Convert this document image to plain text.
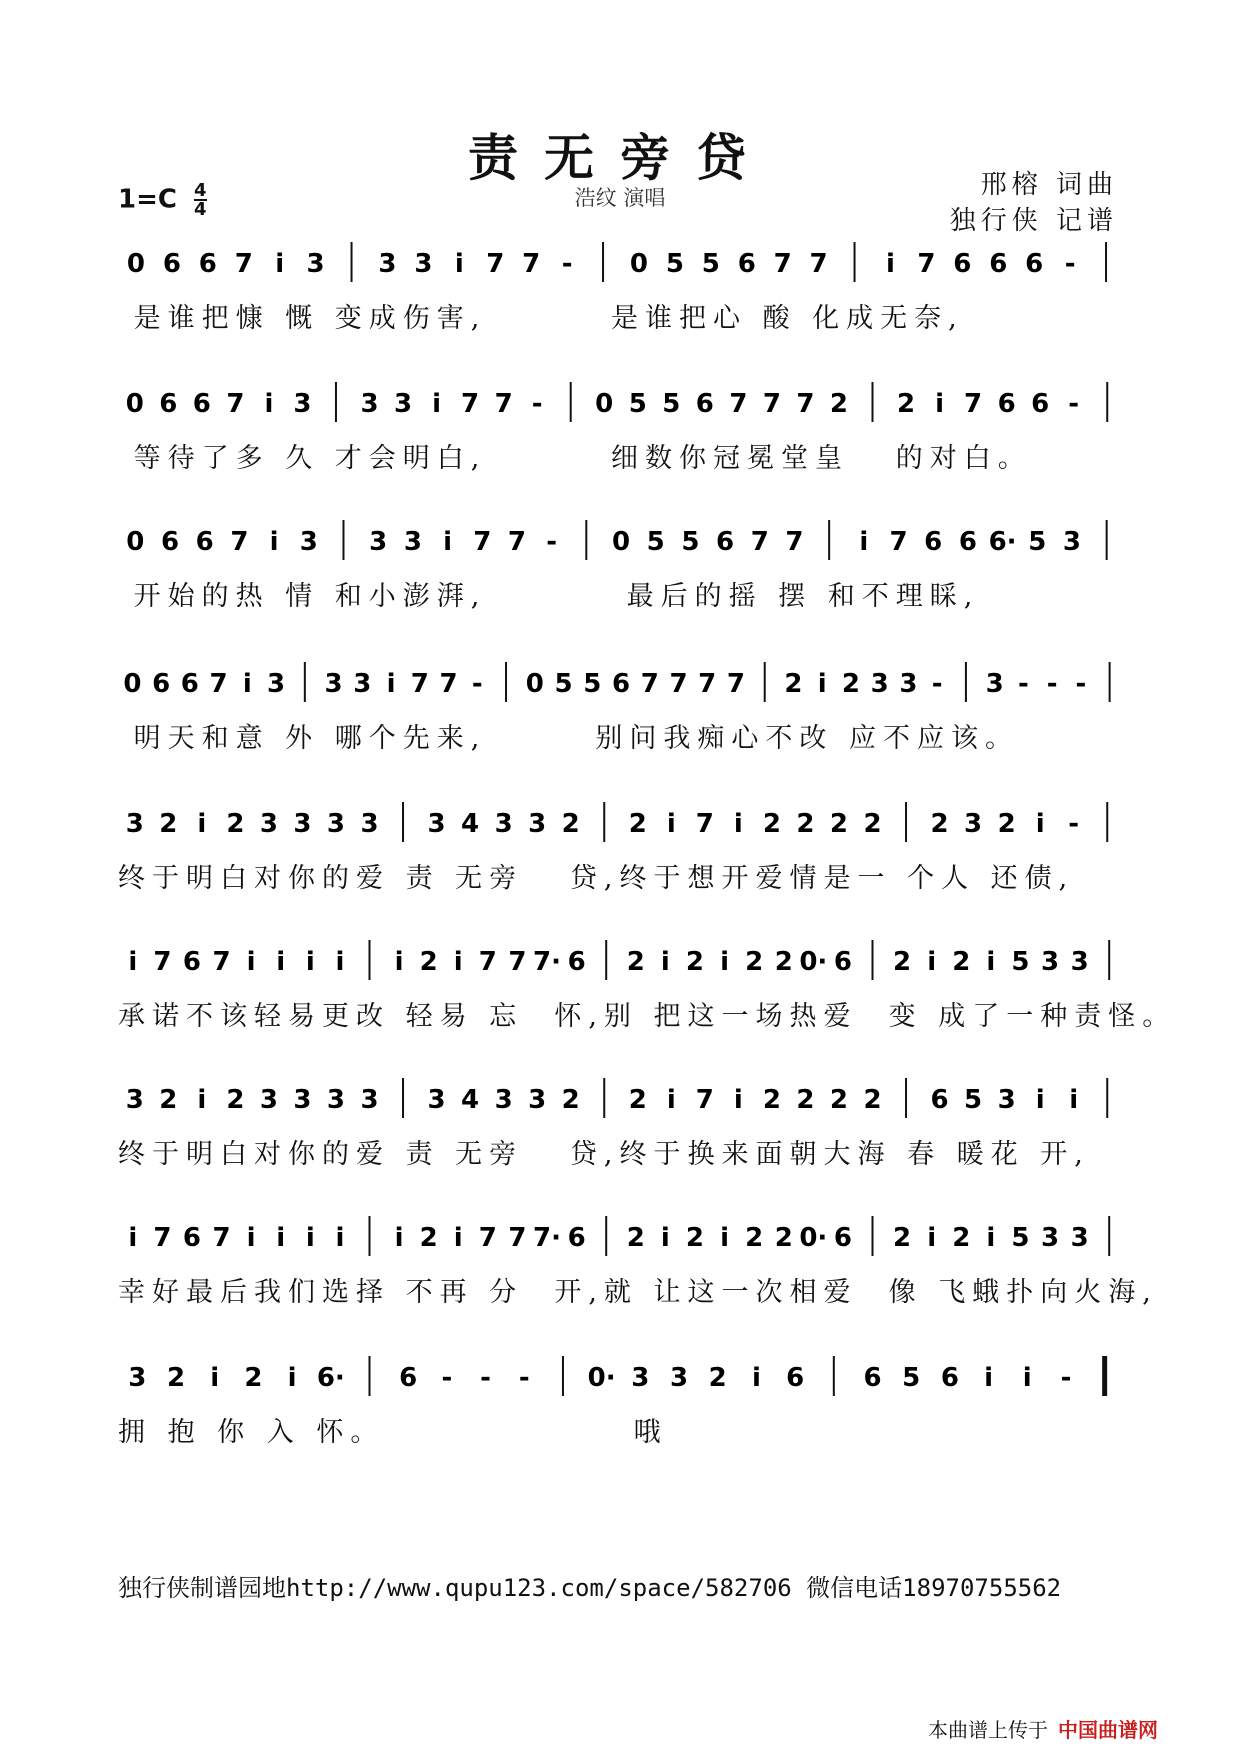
责无旁贷
浩纹 演唱
$1=C \frac{4}{4}$	邢榕 词曲
独行侠 记谱
0 6 6 7 i 3 3 3 i 7 7 - 0 5 5 6 7 7 i 7 6 6 6 -
是谁把慷 慨 变成伤害,        是谁把心 酸 化成无奈,
0 6 6 7 i 3 3 3 i 7 7 - 0 5 5 6 7 7 7 2 2 i 7 6 6 -
等待了多 久 才会明白,        细数你冠冕堂皇   的对白。
0 6 6 7 i 3 3 3 i 7 7 - 0 5 5 6 7 7 i 7 6 6 6· 5 3
开始的热 情 和小澎湃,         最后的摇 摆 和不理睬,
0 6 6 7 i 3 3 3 i 7 7 - 0 5 5 6 7 7 7 7 2 i 2 3 3 - 3 - - -
明天和意 外 哪个先来,       别问我痴心不改 应不应该。
3 2 i 2 3 3 3 3 3 4 3 3 2 2 i 7 i 2 2 2 2 2 3 2 i -
终于明白对你的爱 责 无旁   贷,终于想开爱情是一 个人 还债,
i 7 6 7 i i i i i 2 i 7 7 7· 6 2 i 2 i 2 2 0· 6 2 i 2 i 5 3 3
承诺不该轻易更改 轻易 忘  怀,别 把这一场热爱  变 成了一种责怪。
3 2 i 2 3 3 3 3 3 4 3 3 2 2 i 7 i 2 2 2 2 6 5 3 i i
终于明白对你的爱 责 无旁   贷,终于换来面朝大海 春 暖花 开,
i 7 6 7 i i i i i 2 i 7 7 7· 6 2 i 2 i 2 2 0· 6 2 i 2 i 5 3 3
幸好最后我们选择 不再 分  开,就 让这一次相爱  像 飞蛾扑向火海,
3 2 i 2 i 6· 6 - - - 0· 3 3 2 i 6 6 5 6 i i -
拥 抱 你 入 怀。                哦
独行侠制谱园地http://www.qupu123.com/space/582706 微信电话18970755562
本曲谱上传于 中国曲谱网
